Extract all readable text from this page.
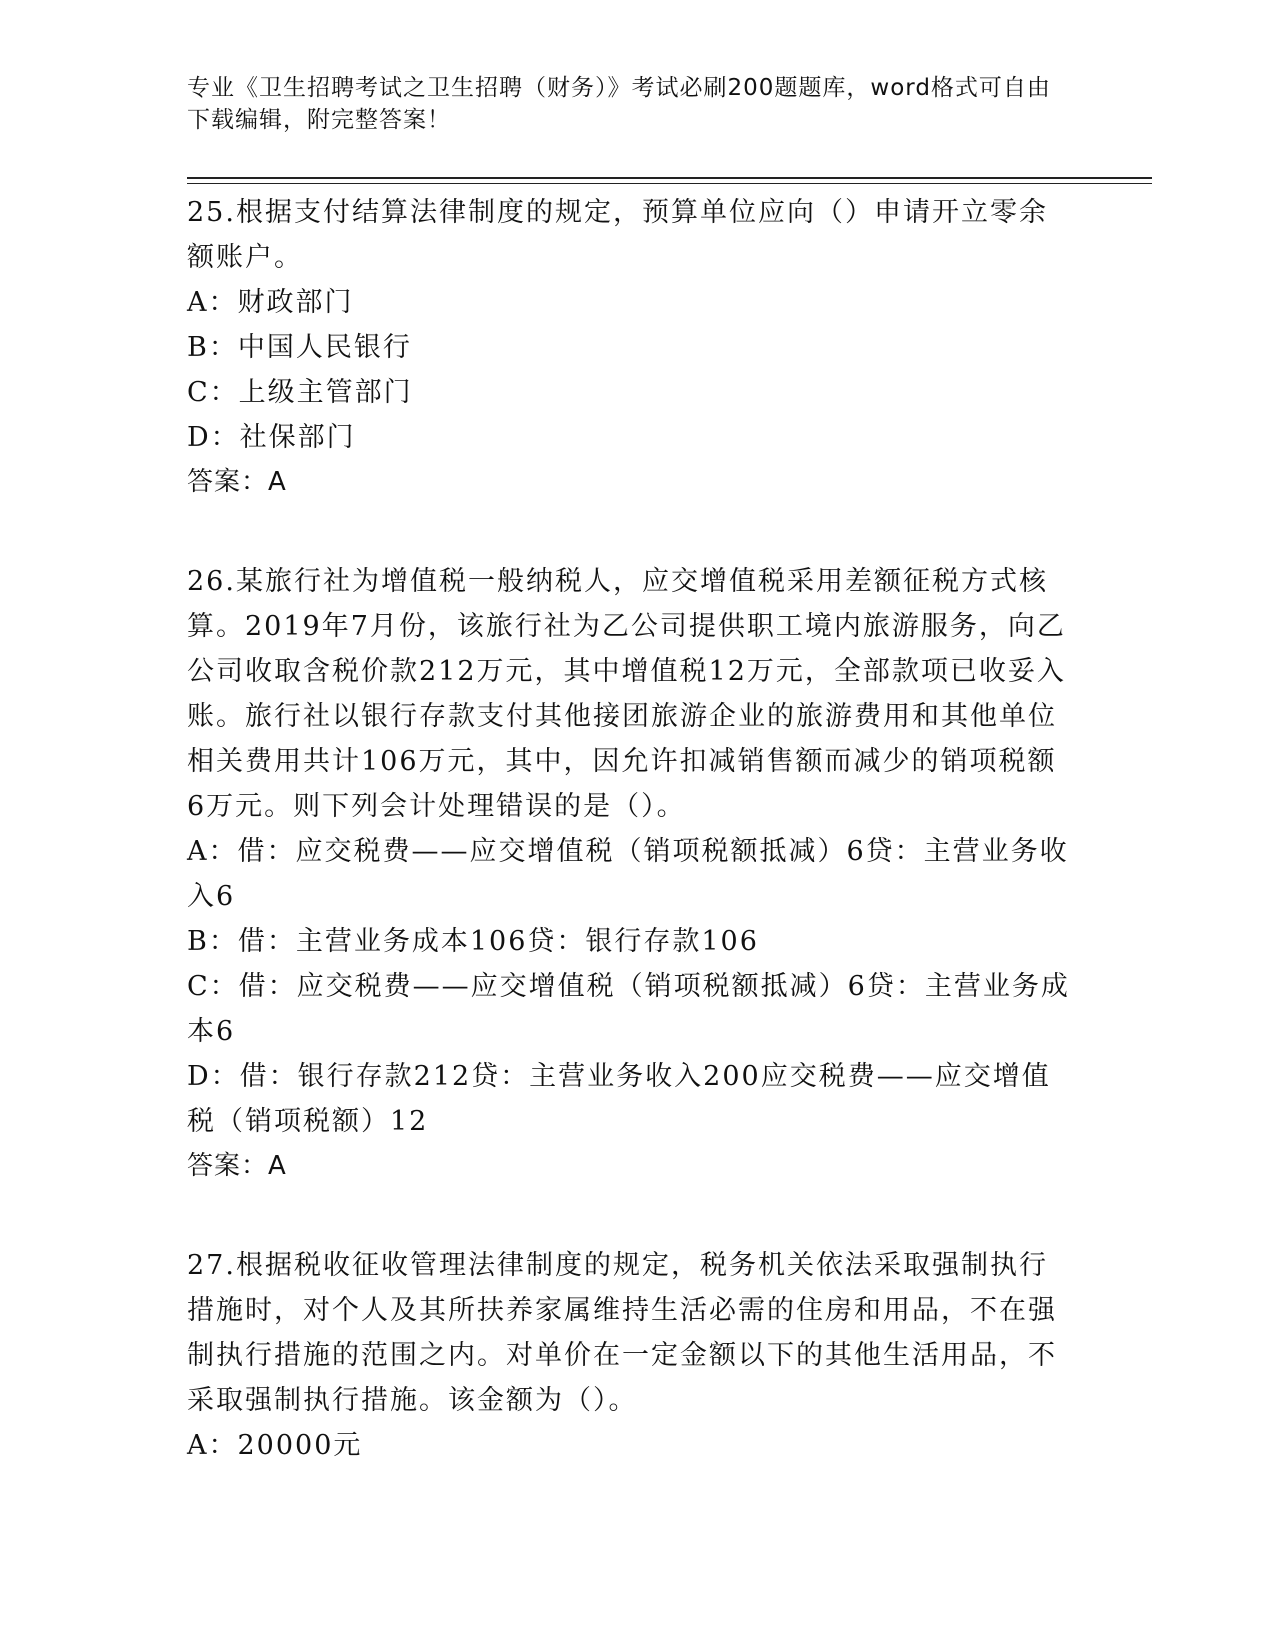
专业《卫生招聘考试之卫生招聘（财务）》考试必刷200题题库，word格式可自由下载编辑，附完整答案！

25.根据支付结算法律制度的规定，预算单位应向（）申请开立零余额账户。

A：财政部门

B：中国人民银行

C：上级主管部门

D：社保部门

答案：A

26.某旅行社为增值税一般纳税人，应交增值税采用差额征税方式核算。2019年7月份，该旅行社为乙公司提供职工境内旅游服务，向乙公司收取含税价款212万元，其中增值税12万元，全部款项已收妥入账。旅行社以银行存款支付其他接团旅游企业的旅游费用和其他单位相关费用共计106万元，其中，因允许扣减销售额而减少的销项税额6万元。则下列会计处理错误的是（）。

A：借：应交税费——应交增值税（销项税额抵减）6贷：主营业务收入6

B：借：主营业务成本106贷：银行存款106

C：借：应交税费——应交增值税（销项税额抵减）6贷：主营业务成本6

D：借：银行存款212贷：主营业务收入200应交税费——应交增值税（销项税额）12

答案：A

27.根据税收征收管理法律制度的规定，税务机关依法采取强制执行措施时，对个人及其所扶养家属维持生活必需的住房和用品，不在强制执行措施的范围之内。对单价在一定金额以下的其他生活用品，不采取强制执行措施。该金额为（）。

A：20000元
